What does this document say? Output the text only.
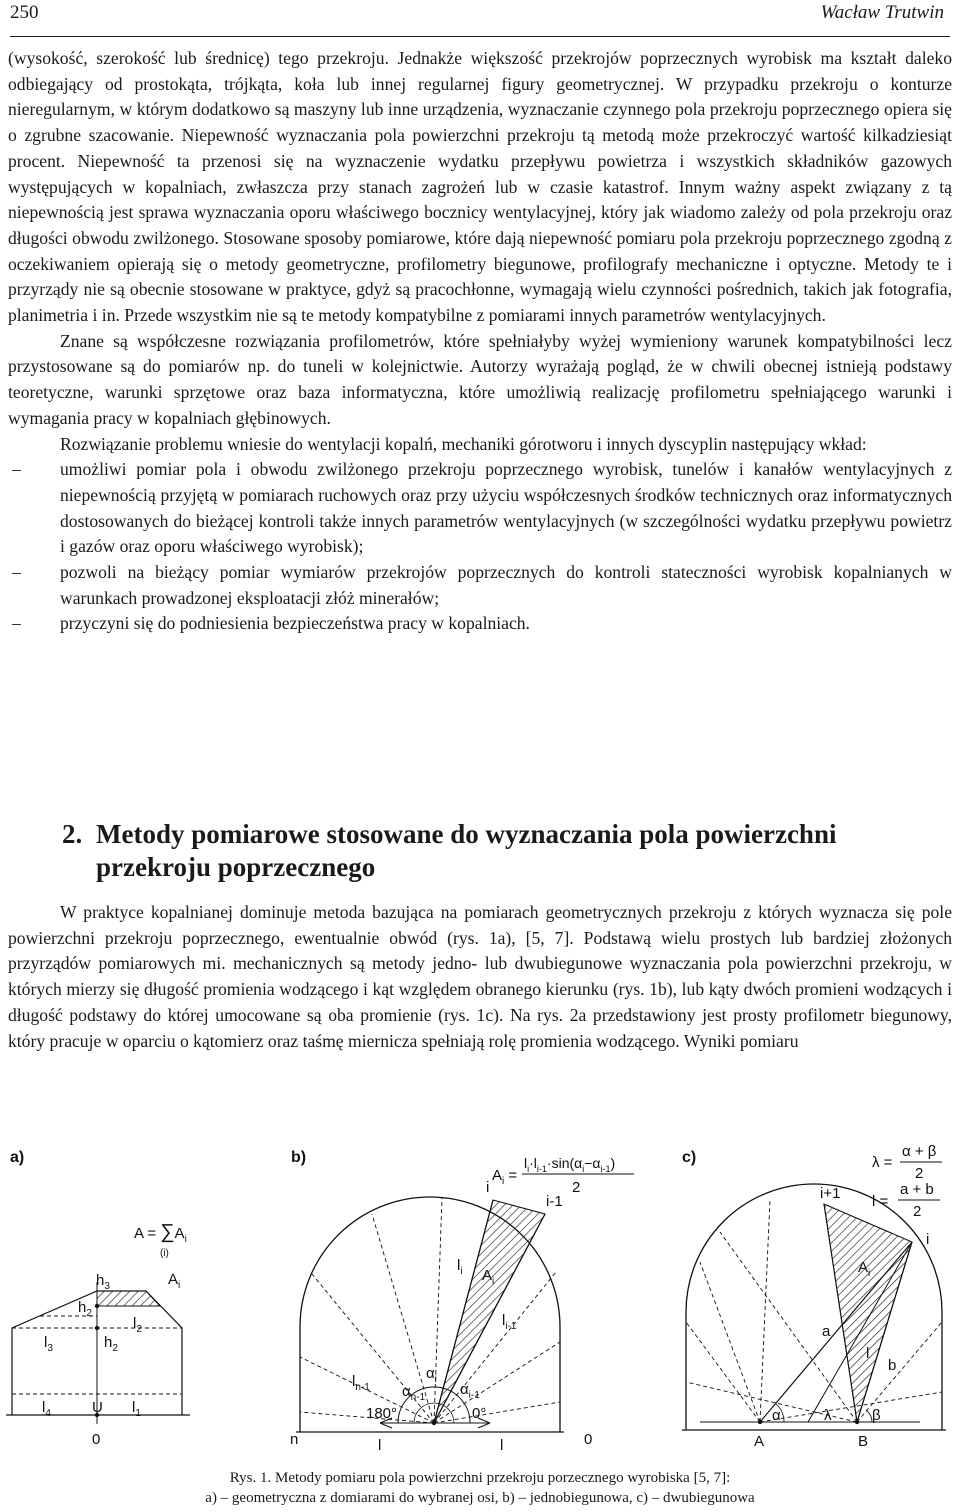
250	Wacław Trutwin

(wysokość, szerokość lub średnicę) tego przekroju. Jednakże większość przekrojów poprzecznych wyrobisk ma kształt daleko odbiegający od prostokąta, trójkąta, koła lub innej regularnej figury geometrycznej. W przypadku przekroju o konturze nieregularnym, w którym dodatkowo są maszyny lub inne urządzenia, wyznaczanie czynnego pola przekroju poprzecznego opiera się o zgrubne szacowanie. Niepewność wyznaczania pola powierzchni przekroju tą metodą może przekroczyć wartość kilkadziesiąt procent. Niepewność ta przenosi się na wyznaczenie wydatku przepływu powietrza i wszystkich składników gazowych występujących w kopalniach, zwłaszcza przy stanach zagrożeń lub w czasie katastrof. Innym ważny aspekt związany z tą niepewnością jest sprawa wyznaczania oporu właściwego bocznicy wentylacyjnej, który jak wiadomo zależy od pola przekroju oraz długości obwodu zwilżonego. Stosowane sposoby pomiarowe, które dają niepewność pomiaru pola przekroju poprzecznego zgodną z oczekiwaniem opierają się o metody geometryczne, profilometry biegunowe, profilografy mechaniczne i optyczne. Metody te i przyrządy nie są obecnie stosowane w praktyce, gdyż są pracochłonne, wymagają wielu czynności pośrednich, takich jak fotografia, planimetria i in. Przede wszystkim nie są te metody kompatybilne z pomiarami innych parametrów wentylacyjnych.

Znane są współczesne rozwiązania profilometrów, które spełniałyby wyżej wymieniony warunek kompatybilności lecz przystosowane są do pomiarów np. do tuneli w kolejnictwie. Autorzy wyrażają pogląd, że w chwili obecnej istnieją podstawy teoretyczne, warunki sprzętowe oraz baza informatyczna, które umożliwią realizację profilometru spełniającego warunki i wymagania pracy w kopalniach głębinowych.

Rozwiązanie problemu wniesie do wentylacji kopalń, mechaniki górotworu i innych dyscyplin następujący wkład:

– umożliwi pomiar pola i obwodu zwilżonego przekroju poprzecznego wyrobisk, tunelów i kanałów wentylacyjnych z niepewnością przyjętą w pomiarach ruchowych oraz przy użyciu współczesnych środków technicznych oraz informatycznych dostosowanych do bieżącej kontroli także innych parametrów wentylacyjnych (w szczególności wydatku przepływu powietrz i gazów oraz oporu właściwego wyrobisk);
– pozwoli na bieżący pomiar wymiarów przekrojów poprzecznych do kontroli stateczności wyrobisk kopalnianych w warunkach prowadzonej eksploatacji złóż minerałów;
– przyczyni się do podniesienia bezpieczeństwa pracy w kopalniach.
2. Metody pomiarowe stosowane do wyznaczania pola powierzchni przekroju poprzecznego

W praktyce kopalnianej dominuje metoda bazująca na pomiarach geometrycznych przekroju z których wyznacza się pole powierzchni przekroju poprzecznego, ewentualnie obwód (rys. 1a), [5, 7]. Podstawą wielu prostych lub bardziej złożonych przyrządów pomiarowych mi. mechanicznych są metody jedno- lub dwubiegunowe wyznaczania pola powierzchni przekroju, w których mierzy się długość promienia wodzącego i kąt względem obranego kierunku (rys. 1b), lub kąty dwóch promieni wodzących i długość podstawy do której umocowane są oba promienie (rys. 1c). Na rys. 2a przedstawiony jest prosty profilometr biegunowy, który pracuje w oparciu o kątomierz oraz taśmę miernicza spełniają rolę promienia wodzącego. Wyniki pomiaru

a)
$A = \sum A_i$
(i)
$h_3$
$h_2$
$h_2$
$l_3$
$l_2$
$A_i$
$l_4$	U $l_1$
0
b)
$A_i$ =
$l_i\cdot l_{i-1}\cdot\sin(\alpha_i-\alpha_{i-1})$
2
i
i-1
$l_i$ $A_i$
$l_{i-1}$
$l_{n-1}$
$\alpha_i$
$\alpha_{n-1}$ $\alpha_{i-1}$
180°	0°
n	0
l	l
c)	λ =
α + β
2
l =
a + b
2
i+1
i
$A_i$
a
l
b
α	λ	β
A	B
Rys. 1. Metody pomiaru pola powierzchni przekroju porzecznego wyrobiska [5, 7]:
a) – geometryczna z domiarami do wybranej osi, b) – jednobiegunowa, c) – dwubiegunowa
